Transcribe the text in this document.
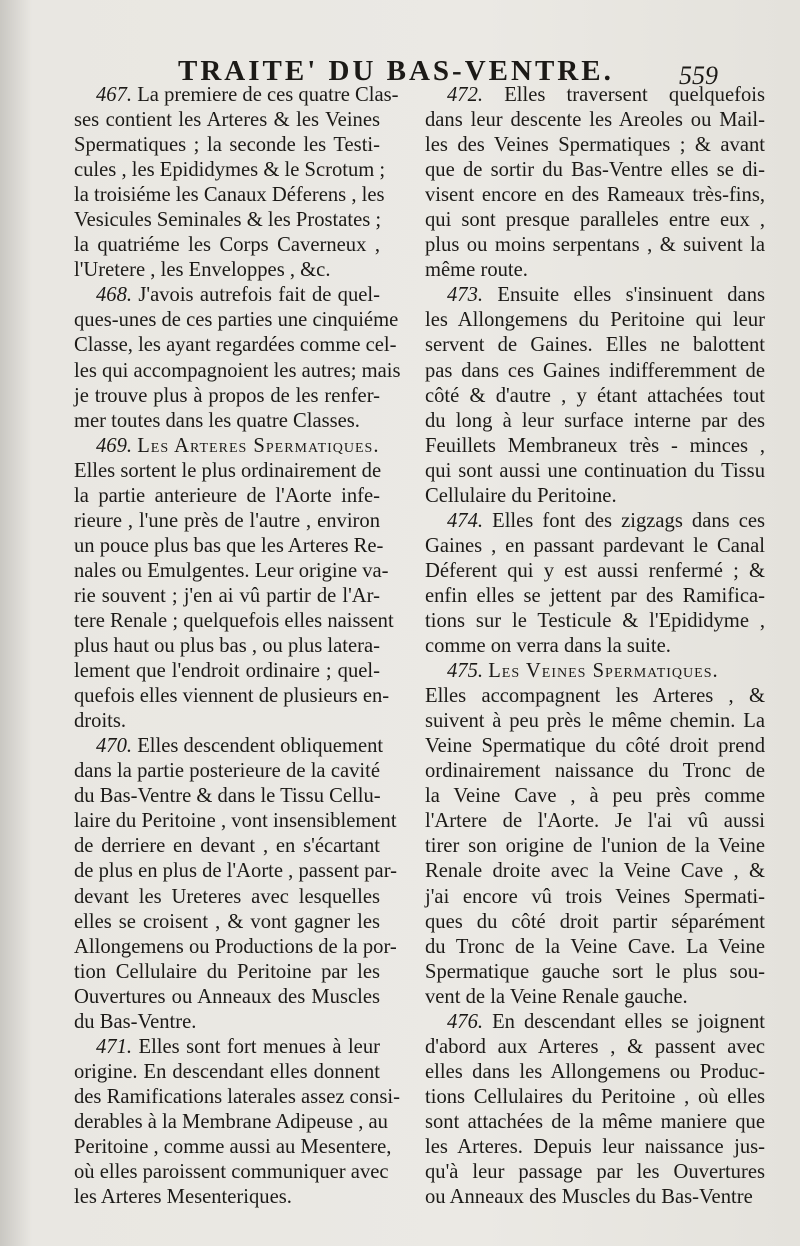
TRAITE' DU BAS-VENTRE.	559
467. La premiere de ces quatre Clas-
ses contient les Arteres & les Veines
Spermatiques ; la seconde les Testi-
cules , les Epididymes & le Scrotum ;
la troisiéme les Canaux Déferens , les
Vesicules Seminales & les Prostates ;
la quatriéme les Corps Caverneux ,
l'Uretere , les Enveloppes , &c.
468. J'avois autrefois fait de quel-
ques-unes de ces parties une cinquiéme
Classe, les ayant regardées comme cel-
les qui accompagnoient les autres; mais
je trouve plus à propos de les renfer-
mer toutes dans les quatre Classes.
469. Les Arteres Spermatiques.
Elles sortent le plus ordinairement de
la partie anterieure de l'Aorte infe-
rieure , l'une près de l'autre , environ
un pouce plus bas que les Arteres Re-
nales ou Emulgentes. Leur origine va-
rie souvent ; j'en ai vû partir de l'Ar-
tere Renale ; quelquefois elles naissent
plus haut ou plus bas , ou plus latera-
lement que l'endroit ordinaire ; quel-
quefois elles viennent de plusieurs en-
droits.
470. Elles descendent obliquement
dans la partie posterieure de la cavité
du Bas-Ventre & dans le Tissu Cellu-
laire du Peritoine , vont insensiblement
de derriere en devant , en s'écartant
de plus en plus de l'Aorte , passent par-
devant les Ureteres avec lesquelles
elles se croisent , & vont gagner les
Allongemens ou Productions de la por-
tion Cellulaire du Peritoine par les
Ouvertures ou Anneaux des Muscles
du Bas-Ventre.
471. Elles sont fort menues à leur
origine. En descendant elles donnent
des Ramifications laterales assez consi-
derables à la Membrane Adipeuse , au
Peritoine , comme aussi au Mesentere,
où elles paroissent communiquer avec
les Arteres Mesenteriques.
472. Elles traversent quelquefois
dans leur descente les Areoles ou Mail-
les des Veines Spermatiques ; & avant
que de sortir du Bas-Ventre elles se di-
visent encore en des Rameaux très-fins,
qui sont presque paralleles entre eux ,
plus ou moins serpentans , & suivent la
même route.
473. Ensuite elles s'insinuent dans
les Allongemens du Peritoine qui leur
servent de Gaines. Elles ne balottent
pas dans ces Gaines indifferemment de
côté & d'autre , y étant attachées tout
du long à leur surface interne par des
Feuillets Membraneux très - minces ,
qui sont aussi une continuation du Tissu
Cellulaire du Peritoine.
474. Elles font des zigzags dans ces
Gaines , en passant pardevant le Canal
Déferent qui y est aussi renfermé ; &
enfin elles se jettent par des Ramifica-
tions sur le Testicule & l'Epididyme ,
comme on verra dans la suite.
475. Les Veines Spermatiques.
Elles accompagnent les Arteres , &
suivent à peu près le même chemin. La
Veine Spermatique du côté droit prend
ordinairement naissance du Tronc de
la Veine Cave , à peu près comme
l'Artere de l'Aorte. Je l'ai vû aussi
tirer son origine de l'union de la Veine
Renale droite avec la Veine Cave , &
j'ai encore vû trois Veines Spermati-
ques du côté droit partir séparément
du Tronc de la Veine Cave. La Veine
Spermatique gauche sort le plus sou-
vent de la Veine Renale gauche.
476. En descendant elles se joignent
d'abord aux Arteres , & passent avec
elles dans les Allongemens ou Produc-
tions Cellulaires du Peritoine , où elles
sont attachées de la même maniere que
les Arteres. Depuis leur naissance jus-
qu'à leur passage par les Ouvertures
ou Anneaux des Muscles du Bas-Ventre
